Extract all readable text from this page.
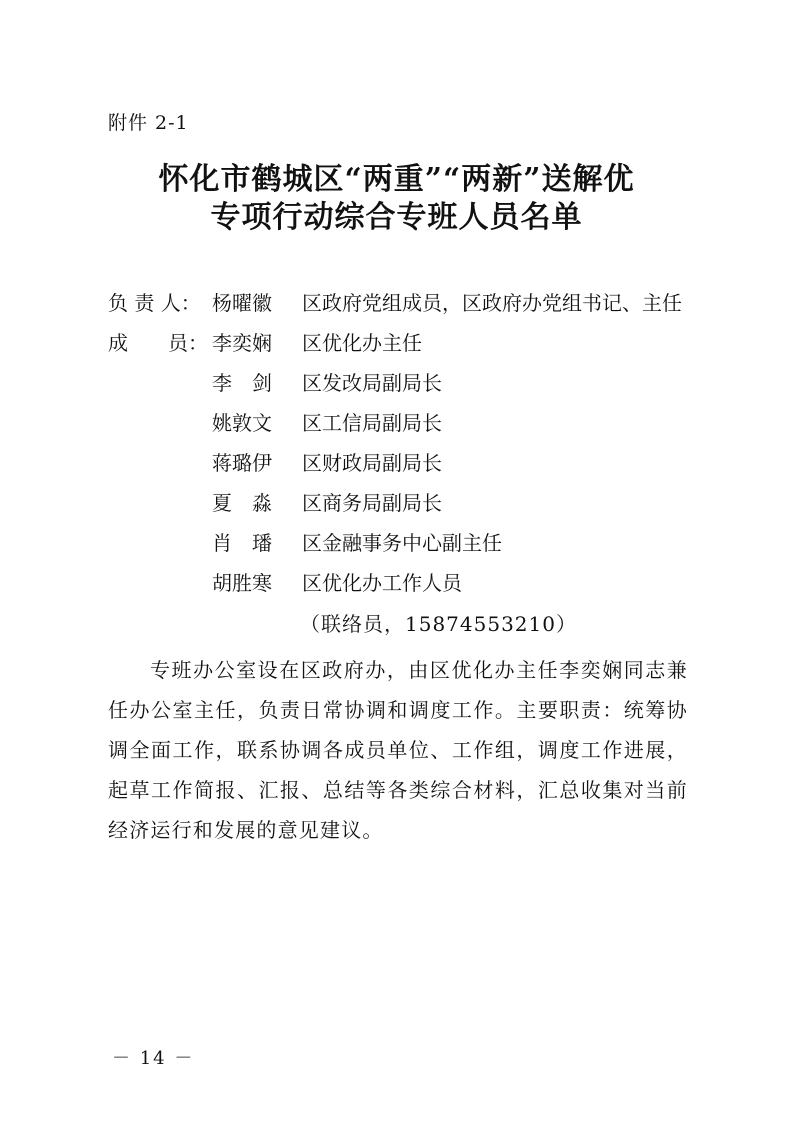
附件 2-1
怀化市鹤城区“两重”“两新”送解优
专项行动综合专班人员名单
负 责 人： 杨曜徽	区政府党组成员，区政府办党组书记、主任
成　　员： 李奕娴	区优化办主任
李　剑	区发改局副局长
姚敦文	区工信局副局长
蒋璐伊	区财政局副局长
夏　淼	区商务局副局长
肖　璠	区金融事务中心副主任
胡胜寒	区优化办工作人员
（联络员，15874553210）
专班办公室设在区政府办，由区优化办主任李奕娴同志兼任办公室主任，负责日常协调和调度工作。主要职责：统筹协调全面工作，联系协调各成员单位、工作组，调度工作进展，起草工作简报、汇报、总结等各类综合材料，汇总收集对当前经济运行和发展的意见建议。
－ 14 －
